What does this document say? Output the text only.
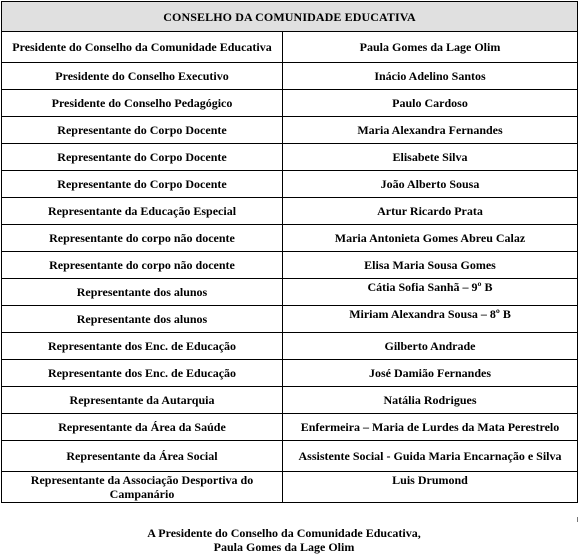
CONSELHO DA COMUNIDADE EDUCATIVA	
Presidente do Conselho da Comunidade Educativa	Paula Gomes da Lage Olim
Presidente do Conselho Executivo	Inácio Adelino Santos
Presidente do Conselho Pedagógico	Paulo Cardoso
Representante do Corpo Docente	Maria Alexandra Fernandes
Representante do Corpo Docente	Elisabete Silva
Representante do Corpo Docente	João Alberto Sousa
Representante da Educação Especial	Artur Ricardo Prata
Representante do corpo não docente	Maria Antonieta Gomes Abreu Calaz
Representante do corpo não docente	Elisa Maria Sousa Gomes
Representante dos alunos	Cátia Sofia Sanhã – 9º B
Representante dos alunos	Miriam Alexandra Sousa – 8º B
Representante dos Enc. de Educação	Gilberto Andrade
Representante dos Enc. de Educação	José Damião Fernandes
Representante da Autarquia	Natália Rodrigues
Representante da Área da Saúde	Enfermeira – Maria de Lurdes da Mata Perestrelo
Representante da Área Social	Assistente Social - Guida Maria Encarnação e Silva
Representante da Associação Desportiva do Campanário	Luis Drumond
A Presidente do Conselho da Comunidade Educativa,
Paula Gomes da Lage Olim
